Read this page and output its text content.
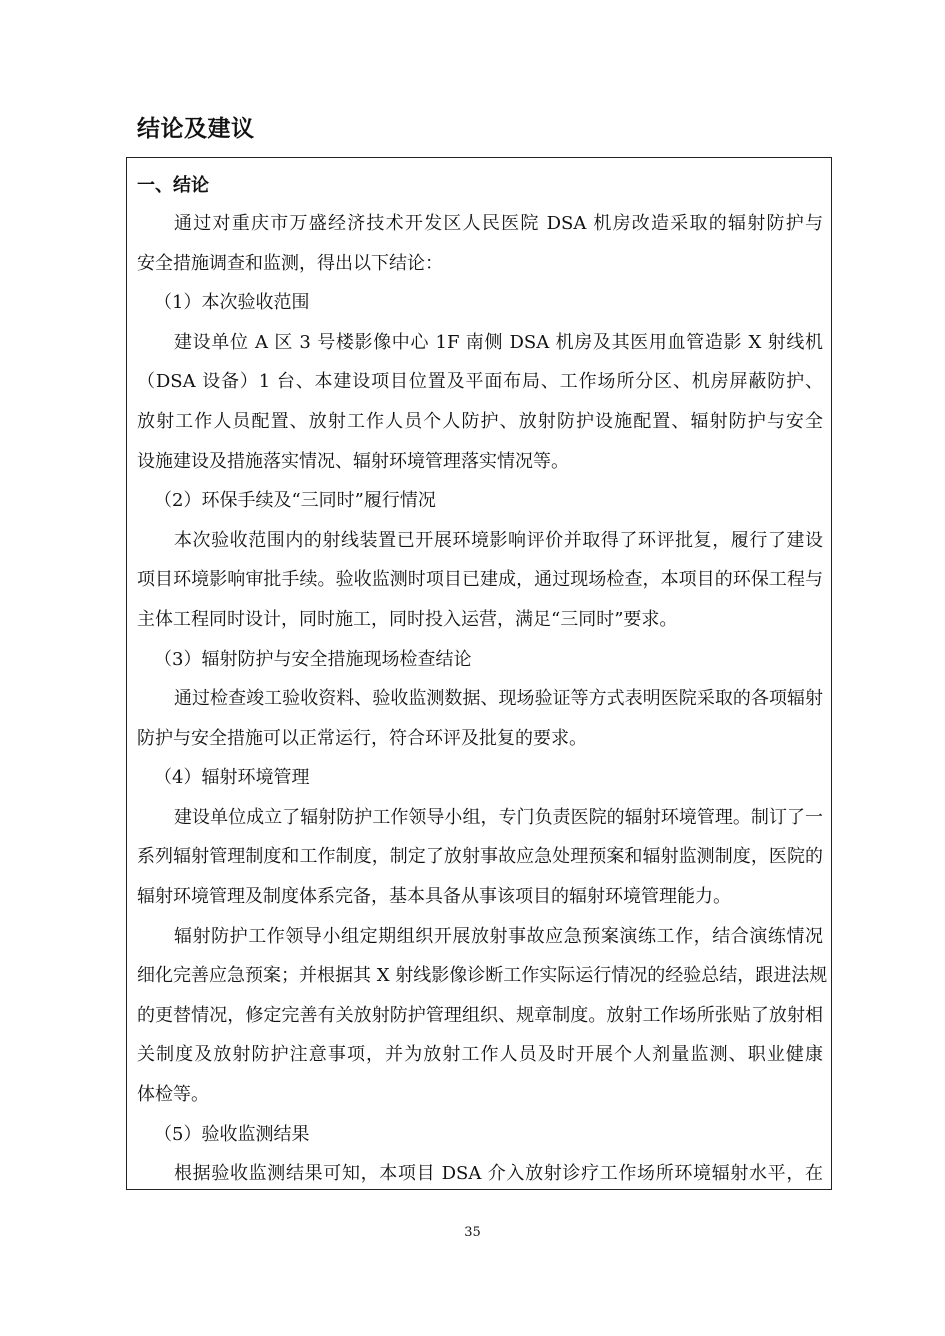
结论及建议
一、结论
通过对重庆市万盛经济技术开发区人民医院 DSA 机房改造采取的辐射防护与
安全措施调查和监测，得出以下结论：
（1）本次验收范围
建设单位 A 区 3 号楼影像中心 1F 南侧 DSA 机房及其医用血管造影 X 射线机
（DSA 设备）1 台、本建设项目位置及平面布局、工作场所分区、机房屏蔽防护、
放射工作人员配置、放射工作人员个人防护、放射防护设施配置、辐射防护与安全
设施建设及措施落实情况、辐射环境管理落实情况等。
（2）环保手续及“三同时”履行情况
本次验收范围内的射线装置已开展环境影响评价并取得了环评批复，履行了建设
项目环境影响审批手续。验收监测时项目已建成，通过现场检查，本项目的环保工程与
主体工程同时设计，同时施工，同时投入运营，满足“三同时”要求。
（3）辐射防护与安全措施现场检查结论
通过检查竣工验收资料、验收监测数据、现场验证等方式表明医院采取的各项辐射
防护与安全措施可以正常运行，符合环评及批复的要求。
（4）辐射环境管理
建设单位成立了辐射防护工作领导小组，专门负责医院的辐射环境管理。制订了一
系列辐射管理制度和工作制度，制定了放射事故应急处理预案和辐射监测制度，医院的
辐射环境管理及制度体系完备，基本具备从事该项目的辐射环境管理能力。
辐射防护工作领导小组定期组织开展放射事故应急预案演练工作，结合演练情况
细化完善应急预案；并根据其 X 射线影像诊断工作实际运行情况的经验总结，跟进法规
的更替情况，修定完善有关放射防护管理组织、规章制度。放射工作场所张贴了放射相
关制度及放射防护注意事项，并为放射工作人员及时开展个人剂量监测、职业健康
体检等。
（5）验收监测结果
根据验收监测结果可知，本项目 DSA 介入放射诊疗工作场所环境辐射水平，在
35
